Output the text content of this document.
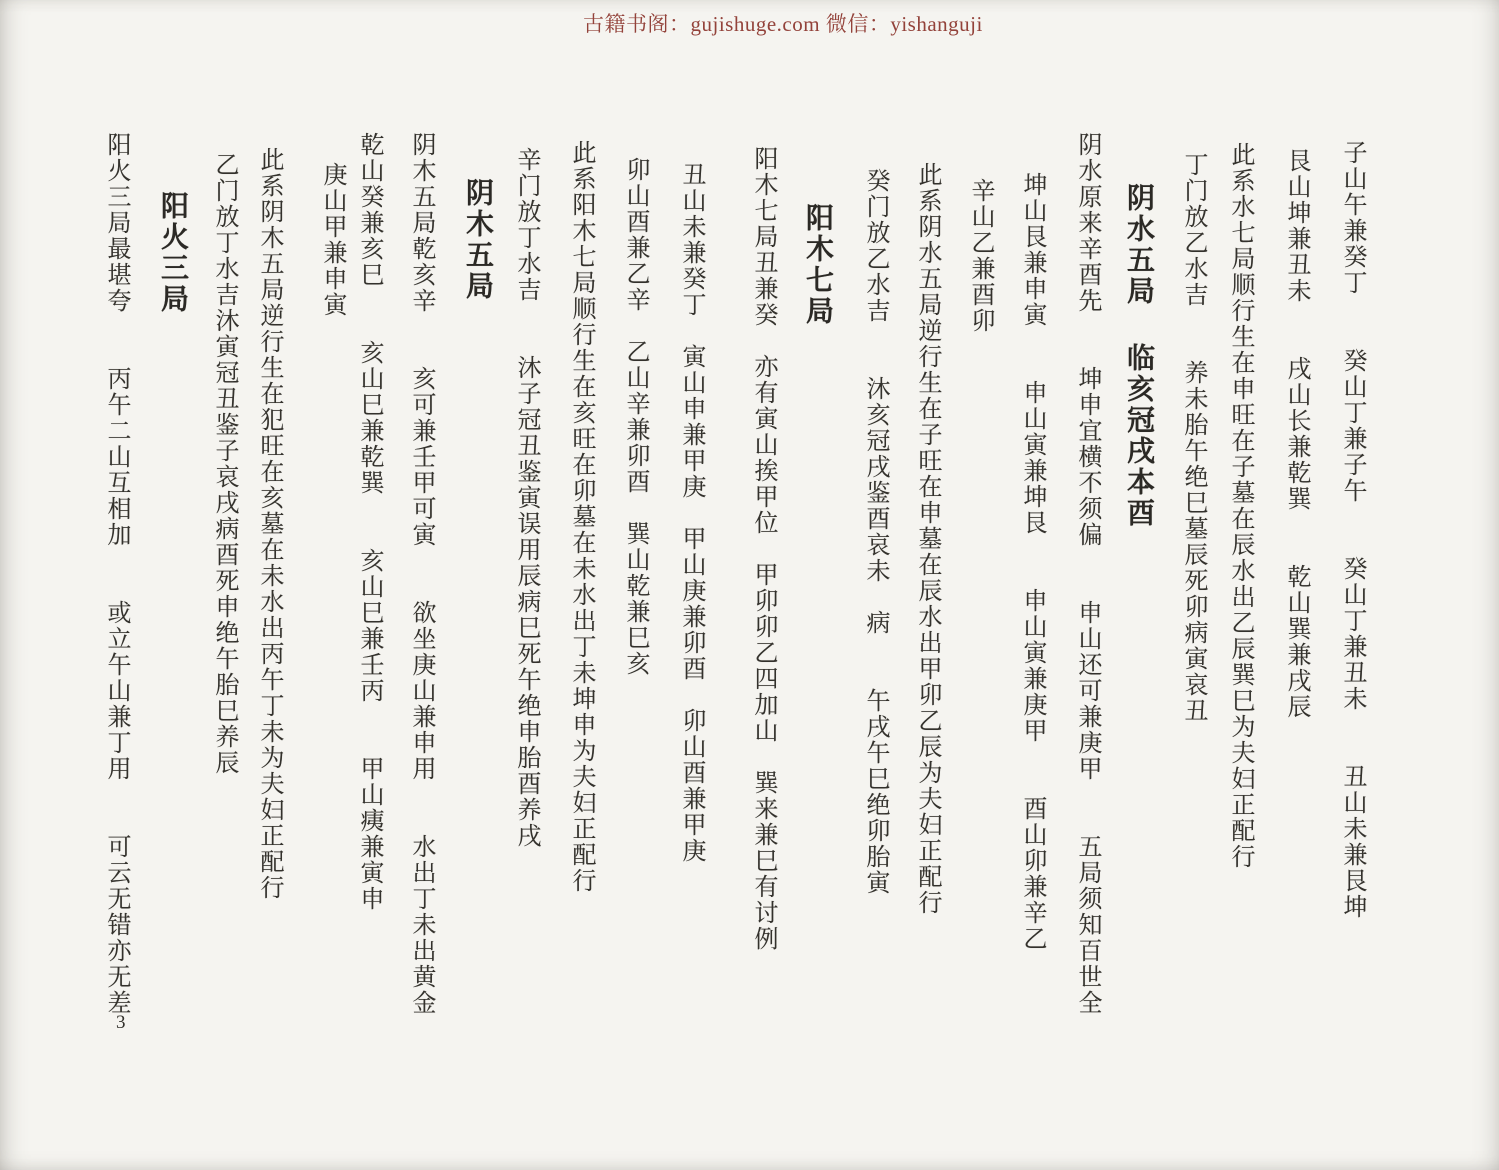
古籍书阁：gujishuge.com 微信：yishanguji
子山午兼癸丁　　癸山丁兼子午　　癸山丁兼丑未　　丑山未兼艮坤
艮山坤兼丑未　　戌山长兼乾巽　　乾山巽兼戌辰
此系水七局顺行生在申旺在子墓在辰水出乙辰巽巳为夫妇正配行
丁门放乙水吉　　养未胎午绝巳墓辰死卯病寅哀丑
阴水五局临亥冠戌本酉
阴水原来辛酉先　　坤申宜横不须偏　　申山还可兼庚甲　　五局须知百世全
坤山艮兼申寅　　申山寅兼坤艮　　申山寅兼庚甲　　酉山卯兼辛乙
辛山乙兼酉卯
此系阴水五局逆行生在子旺在申墓在辰水出甲卯乙辰为夫妇正配行
癸门放乙水吉　　沐亥冠戌鉴酉哀未　病　　午戌午巳绝卯胎寅
阳木七局
阳木七局丑兼癸　亦有寅山挨甲位　甲卯卯乙四加山　巽来兼巳有讨例
丑山未兼癸丁　寅山申兼甲庚　甲山庚兼卯酉　卯山酉兼甲庚
卯山酉兼乙辛　乙山辛兼卯酉　巽山乾兼巳亥
此系阳木七局顺行生在亥旺在卯墓在未水出丁未坤申为夫妇正配行
辛门放丁水吉　　沐子冠丑鉴寅误用辰病巳死午绝申胎酉养戌
阴木五局
阴木五局乾亥辛　　亥可兼壬甲可寅　　欲坐庚山兼申用　　水出丁未出黄金
乾山癸兼亥巳　　亥山巳兼乾巽　　亥山巳兼壬丙　　甲山痍兼寅申
庚山甲兼申寅
此系阴木五局逆行生在犯旺在亥墓在未水出丙午丁未为夫妇正配行
乙门放丁水吉沐寅冠丑鉴子哀戌病酉死申绝午胎巳养辰
阳火三局
阳火三局最堪夸　　丙午二山互相加　　或立午山兼丁用　　可云无错亦无差
3
